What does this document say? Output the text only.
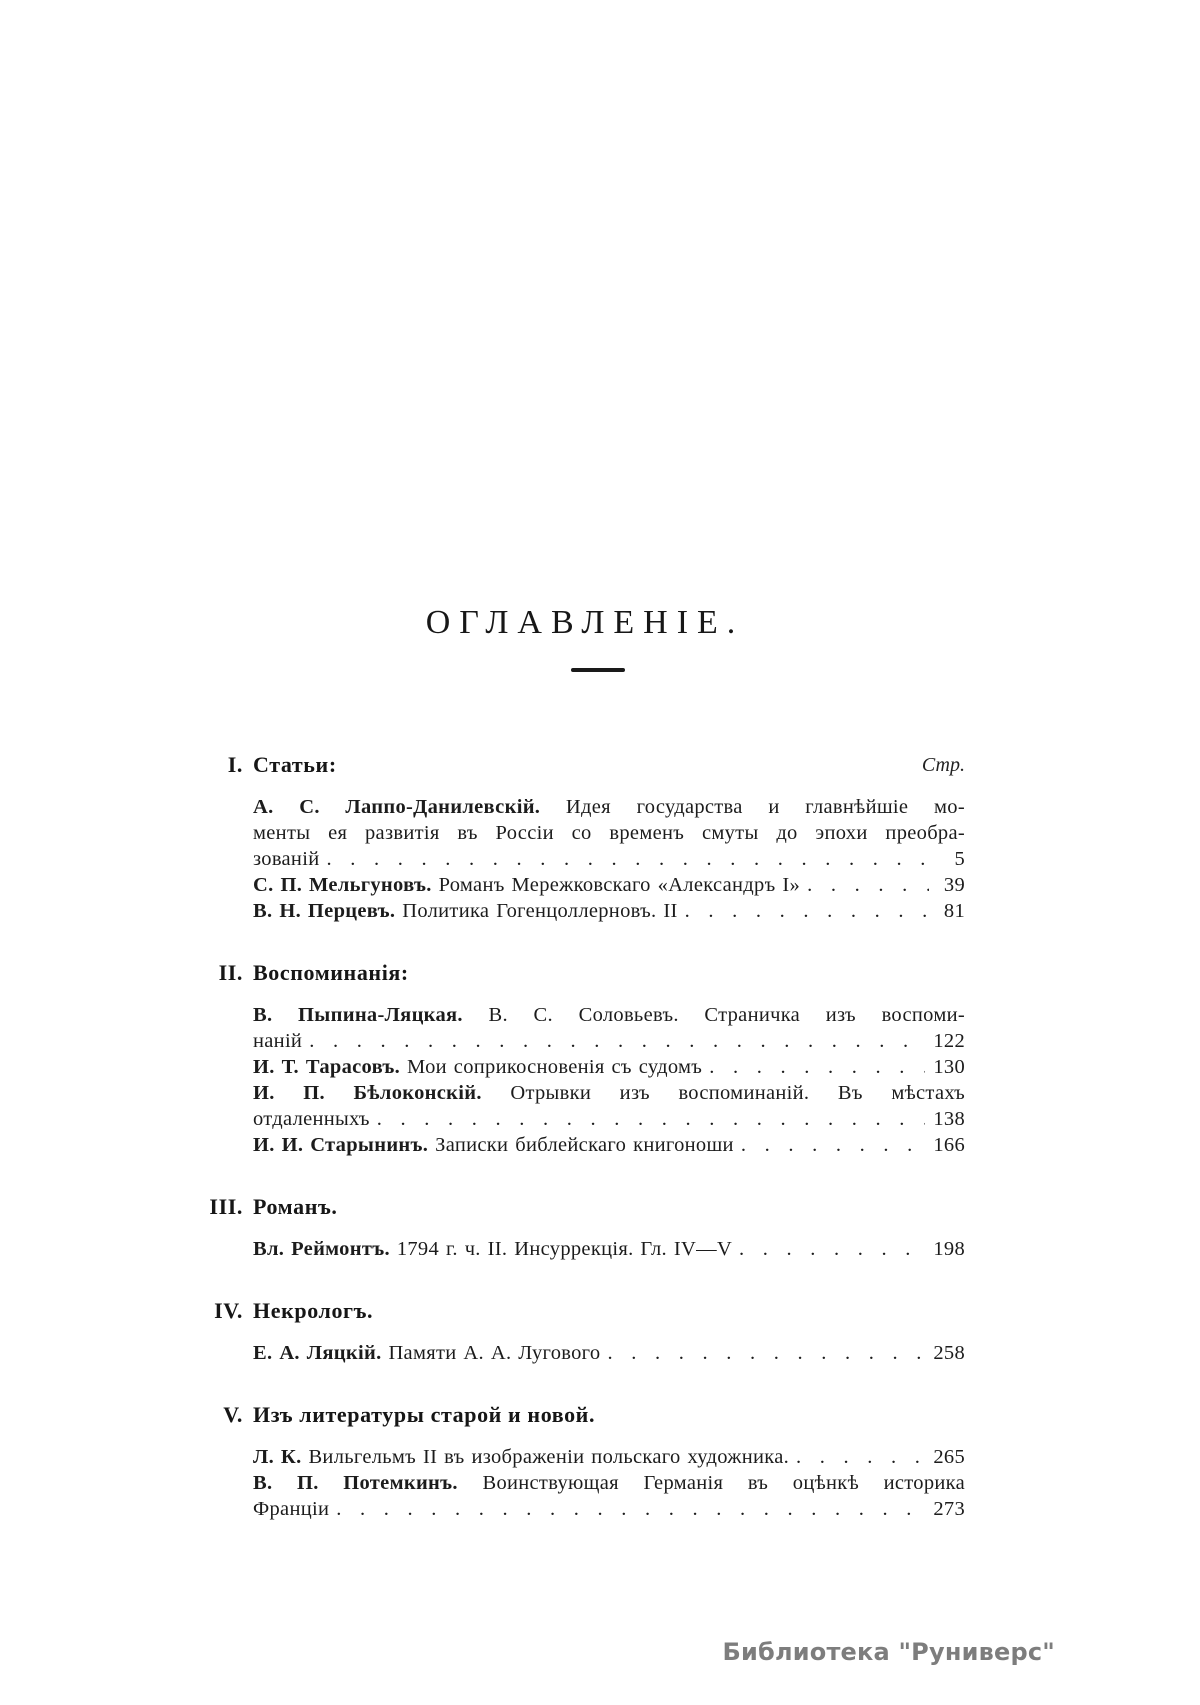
ОГЛАВЛЕНІЕ.
I. Статьи:	Стр.

А. С. Лаппо-Данилевскій. Идея государства и главнѣйшіе мо-

менты ея развитія въ Россіи со временъ смуты до эпохи преобра-

зованій . . .	5

С. П. Мельгуновъ. Романъ Мережковскаго «Александръ I» . . .	39

В. Н. Перцевъ. Политика Гогенцоллерновъ. II . . .	81

II. Воспоминанія:

В. Пыпина-Ляцкая. В. С. Соловьевъ. Страничка изъ воспоми-

наній . . .	122

И. Т. Тарасовъ. Мои соприкосновенія съ судомъ . . .	130

И. П. Бѣлоконскій. Отрывки изъ воспоминаній. Въ мѣстахъ

отдаленныхъ . . .	138

И. И. Старынинъ. Записки библейскаго книгоноши . . .	166

III. Романъ.

Вл. Реймонтъ. 1794 г. ч. II. Инсуррекція. Гл. IV—V . . .	198

IV. Некрологъ.

Е. А. Ляцкій. Памяти А. А. Лугового . . .	258

V. Изъ литературы старой и новой.

Л. К. Вильгельмъ II въ изображеніи польскаго художника. . . .	265

В. П. Потемкинъ. Воинствующая Германія въ оцѣнкѣ историка

Франціи . . .	273

Библиотека "Руниверс"
